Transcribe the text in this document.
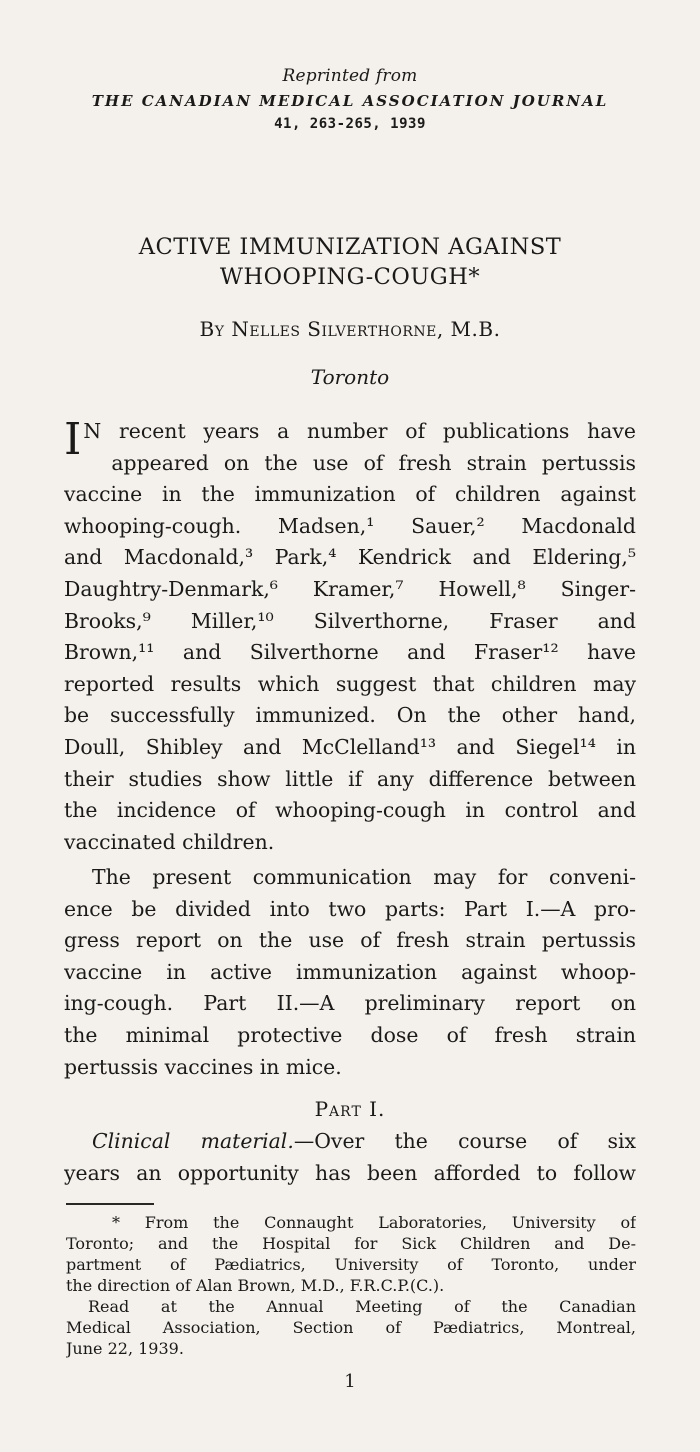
Reprinted from
THE CANADIAN MEDICAL ASSOCIATION JOURNAL
41, 263-265, 1939
ACTIVE IMMUNIZATION AGAINST
WHOOPING-COUGH*
By Nelles Silverthorne, M.B.
Toronto
I N recent years a number of publications have
appeared on the use of fresh strain pertussis
vaccine in the immunization of children against
whooping-cough. Madsen,¹ Sauer,² Macdonald
and Macdonald,³ Park,⁴ Kendrick and Eldering,⁵
Daughtry-Denmark,⁶ Kramer,⁷ Howell,⁸ Singer-
Brooks,⁹ Miller,¹⁰ Silverthorne, Fraser and
Brown,¹¹ and Silverthorne and Fraser¹² have
reported results which suggest that children may
be successfully immunized. On the other hand,
Doull, Shibley and McClelland¹³ and Siegel¹⁴ in
their studies show little if any difference between
the incidence of whooping-cough in control and
vaccinated children.
The present communication may for conveni-
ence be divided into two parts: Part I.—A pro-
gress report on the use of fresh strain pertussis
vaccine in active immunization against whoop-
ing-cough. Part II.—A preliminary report on
the minimal protective dose of fresh strain
pertussis vaccines in mice.
Part I.
Clinical material.—Over the course of six
years an opportunity has been afforded to follow
* From the Connaught Laboratories, University of
Toronto; and the Hospital for Sick Children and De-
partment of Pædiatrics, University of Toronto, under
the direction of Alan Brown, M.D., F.R.C.P.(C.).
Read at the Annual Meeting of the Canadian
Medical Association, Section of Pædiatrics, Montreal,
June 22, 1939.
1
